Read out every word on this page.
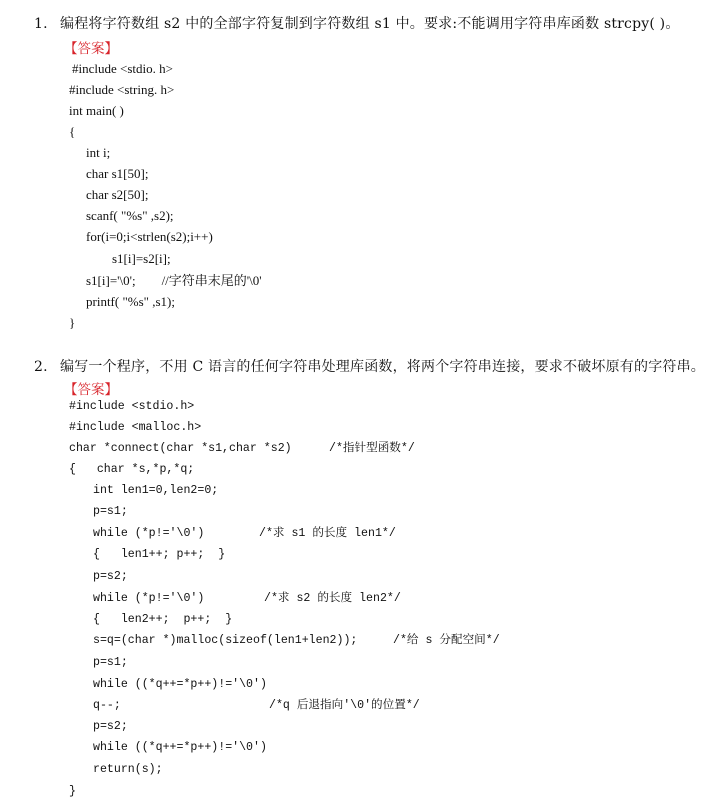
1. 编程将字符数组 s2 中的全部字符复制到字符数组 s1 中。要求:不能调用字符串库函数 strcpy( )。
【答案】
#include <stdio. h>
#include <string. h>
int main( )
{
int i;
char s1[50];
char s2[50];
scanf( "%s" ,s2);
for(i=0;i<strlen(s2);i++)
s1[i]=s2[i];
s1[i]='\0';        //字符串末尾的'\0'
printf( "%s" ,s1);
}
2. 编写一个程序，不用 C 语言的任何字符串处理库函数，将两个字符串连接，要求不破坏原有的字符串。
【答案】
#include <stdio.h>
#include <malloc.h>
char *connect(char *s1,char *s2)	/*指针型函数*/
{   char *s,*p,*q;
int len1=0,len2=0;
p=s1;
while (*p!='\0')	/*求 s1 的长度 len1*/
{   len1++; p++;  }
p=s2;
while (*p!='\0')	/*求 s2 的长度 len2*/
{   len2++;  p++;  }
s=q=(char *)malloc(sizeof(len1+len2)); /*给 s 分配空间*/
p=s1;
while ((*q++=*p++)!='\0')
q--;	/*q 后退指向'\0'的位置*/
p=s2;
while ((*q++=*p++)!='\0')
return(s);
}
